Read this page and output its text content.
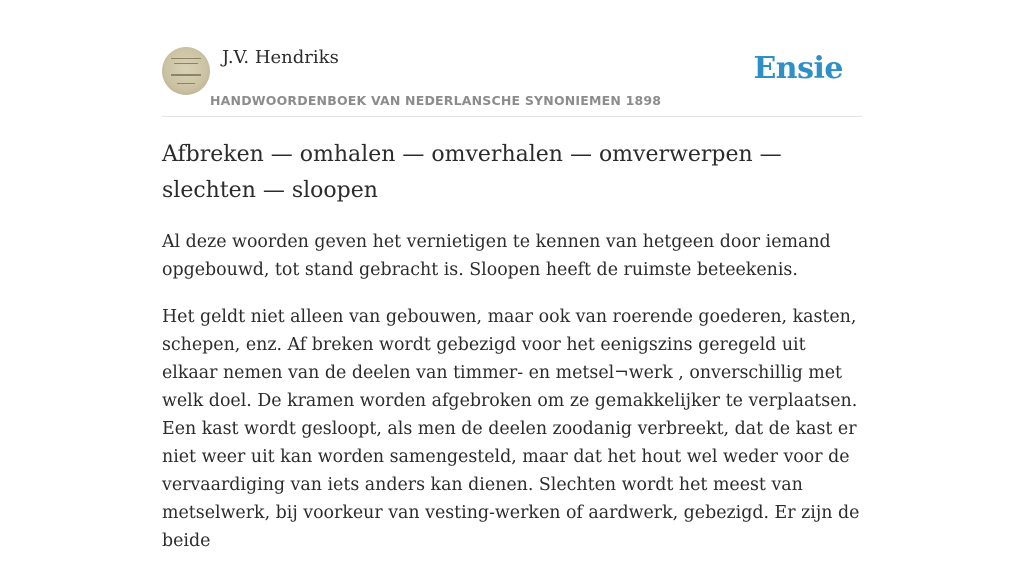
J.V. Hendriks
HANDWOORDENBOEK VAN NEDERLANSCHE SYNONIEMEN 1898
Ensie
Afbreken — omhalen — omverhalen — omverwerpen — slechten — sloopen

Al deze woorden geven het vernietigen te kennen van hetgeen door iemand opgebouwd, tot stand gebracht is. Sloopen heeft de ruimste beteekenis.

Het geldt niet alleen van gebouwen, maar ook van roerende goederen, kasten, schepen, enz. Af breken wordt gebezigd voor het eenigszins geregeld uit elkaar nemen van de deelen van timmer- en metsel¬werk , onverschillig met welk doel. De kramen worden afgebroken om ze gemakkelijker te verplaatsen. Een kast wordt gesloopt, als men de deelen zoodanig verbreekt, dat de kast er niet weer uit kan worden samengesteld, maar dat het hout wel weder voor de vervaardiging van iets anders kan dienen. Slechten wordt het meest van metselwerk, bij voorkeur van vesting-werken of aardwerk, gebezigd. Er zijn de beide
